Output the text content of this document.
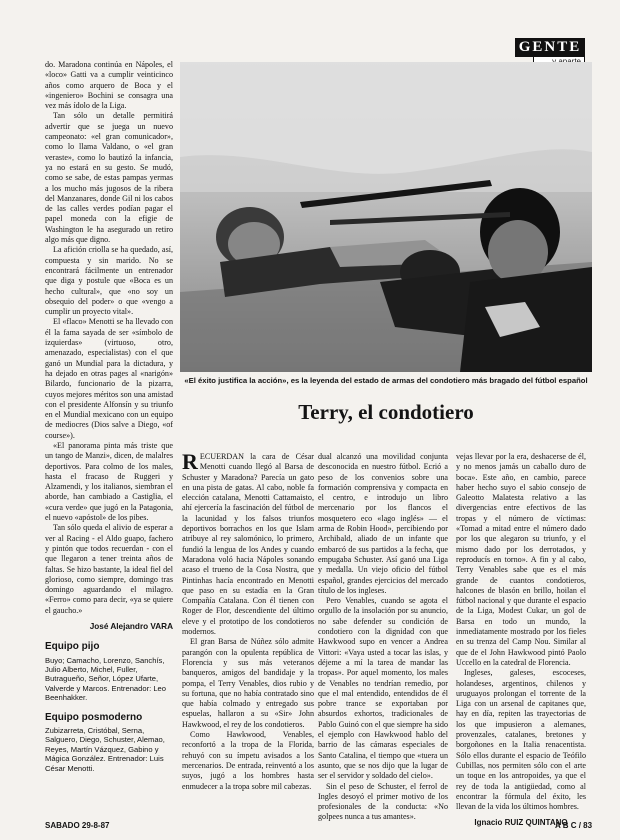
do. Maradona continúa en Nápoles, el «loco» Gatti va a cumplir veinticinco años como arquero de Boca y el «ingeniero» Bochini se consagra una vez más ídolo de la Liga.

Tan sólo un detalle permitirá advertir que se juega un nuevo campeonato: «el gran comunicador», como lo llama Valdano, o «el gran veraste», como lo bautizó la infancia, ya no estará en su gesto. Se mudó, como se sabe, de estas pampas yermas a los mucho más jugosos de la ribera del Manzanares, donde Gil ni los cabos de las calles verdes podían pagar el papel moneda con la efigie de Washington le ha asegurado un retiro algo más que digno.

La afición criolla se ha quedado, así, compuesta y sin marido. No se encontrará fácilmente un entrenador que diga y postule que «Boca es un hecho cultural», que «no soy un obsequio del poder» o que «vengo a cumplir un proyecto vital».

El «flaco» Menotti se ha llevado con él la fama sayada de ser «símbolo de izquierdas» (virtuoso, otro, amenazado, especialistas) con el que ganó un Mundial para la dictadura, y ha dejado en otras pages al «narigón» Bilardo, funcionario de la pizarra, cuyos mejores méritos son una amistad con el presidente Alfonsín y su triunfo en el Mundial mexicano con un equipo de mediocres (Dios salve a Diego, «of course»).

«El panorama pinta más triste que un tango de Manzi», dicen, de malalres deportivos. Para colmo de los males, hasta el fracaso de Ruggeri y Alzamendi, y los italianos, siembran el aborde, han cambiado a Castiglia, el «cura verde» que jugó en la Patagonia, el nuevo «apóstol» de los pibes.

Tan sólo queda el alivio de esperar a ver al Racing - el Aldo guapo, fachero y pintón que todos recuerdan - con el que llegaron a tener treinta años de faltas. Se hizo bastante, la ideal fiel del glorioso, como siempre, domingo tras domingo aguardando el milagro. «Ferro» como para decir, «ya se quiere el gaucho.»

José Alejandro VARA
Equipo pijo
Buyo; Camacho, Lorenzo, Sanchís, Julio Alberto, Michel, Fuller, Butragueño, Señor, López Ufarte, Valverde y Marcos. Entrenador: Leo Beenhakker.
Equipo posmoderno
Zubizarreta, Cristóbal, Serna, Salguero, Diego, Schuster, Alemao, Reyes, Martín Vázquez, Gabino y Mágica González. Entrenador: Luis César Menotti.
GENTE
«El éxito justifica la acción», es la leyenda del estado de armas del condotiero más bragado del fútbol español
Terry, el condotiero

RECUERDAN la cara de César Menotti cuando llegó al Barsa de Schuster y Maradona? Parecía un gato en una pista de gatas. Al cabo, noble fa elección catalana, Menotti Cattamaisto, ahí ejercería la fascinación del fútbol de la lacunidad y los falsos triunfos deportivos borrachos en los que Islam atribuye al rey salomónico, lo primero, fundió la lengua de los Andes y cuando Maradona voló hacia Nápoles sonando acaso el trueno de la Cosa Nostra, que Pintinhas hacía encontrado en Menotti que paso en su estadía en la Gran Compañía Catalana. Con él tienen con Roger de Flor, descendiente del último eleve y el prototipo de los condotieros modernos.

El gran Barsa de Núñez sólo admite parangón con la opulenta república de Florencia y sus más veteranos banqueros, amigos del bandidaje y la pompa, el Terry Venables, dios rubio y su fortuna, que no había contratado sino que había colmado y entregado sus espuelas, hallaron a su «Sir» John Hawkwood, el rey de los condotieros.

Como Hawkwood, Venables, reconfortó a la tropa de la Florida, rehuyó con su ímpetu avisados a los mercenarios. De entrada, reinventó a los suyos, jugó a los hombres hasta enmudecer a la tropa sobre mil cabezas.

dual alcanzó una movilidad conjunta desconocida en nuestro fútbol. Ecrió a peso de los convenios sobre una formación comprensiva y compacta en el centro, e introdujo un libro mercenario por los flancos el mosquetero eco «lago inglés» — el arma de Robin Hood», percibiendo por Archibald, aliado de un infante que embarcó de sus partidos a la fecha, que empugaba Schuster. Así ganó una Liga y medalla. Un viejo oficio del fútbol español, grandes ejercicios del mercado título de los ingleses.

Pero Venables, cuando se agota el orgullo de la insolación por su anuncio, no sabe defender su condición de condotiero con la dignidad con que Hawkwood supo en vencer a Andrea Vittori: «Vaya usted a tocar las islas, y déjeme a mí la tarea de mandar las tropas». Por aquel momento, los males de Venables no tendrían remedio, por que el mal entendido, entendidos de él pobre trance se exportaban por absurdos exhortos, tradicionales de Pablo Guinó con el que siempre ha sido el ejemplo con Hawkwood hablo del barrio de las cámaras especiales de Santo Catalina, el tiempo que «tuera un asunto, que se nos dijo que la lugar de ser el servidor y soldado del cielo».

Sin el peso de Schuster, el ferrol de Ingles desoyó el primer motivo de los profesionales de la conducta: «No golpees nunca a tus amantes».

vejas llevar por la era, deshacerse de él, y no menos jamás un caballo duro de boca». Este año, en cambio, parece haber hecho suyo el sabio consejo de Galeotto Malatesta relativo a las divergencias entre efectivos de las tropas y el número de víctimas: «Tomad a mitad entre el número dado por los que alegaron su triunfo, y el mismo dado por los derrotados, y reproducís en torno». A fin y al cabo, Terry Venables sabe que es el más grande de cuantos condotieros, halcones de blasón en brillo, hoilan el fútbol nacional y que durante el espacio de la Liga, Modest Cukar, un gol de Barsa en todo un mundo, la inmediatamente mostrado por los fieles en su trenza del Camp Nou. Similar al que de el John Hawkwood pintó Paolo Uccello en la catedral de Florencia.

Ingleses, galeses, escoceses, holandeses, argentinos, chilenos y uruguayos prolongan el torrente de la Liga con un arsenal de capitanes que, hay en día, repiten las trayectorias de los que impusieron a alemanes, provenzales, catalanes, bretones y borgoñones en la Italia renacentista. Sólo ellos durante el espacio de Teófilo Cubillas, nos permiten sólo con el arte un toque en los antropoides, ya que el rey de toda la antigüedad, como al encontrar la fórmula del éxito, les llevan de la vida los últimos hombres.

Ignacio RUIZ QUINTANO
SABADO 29-8-87	A B C / 83
